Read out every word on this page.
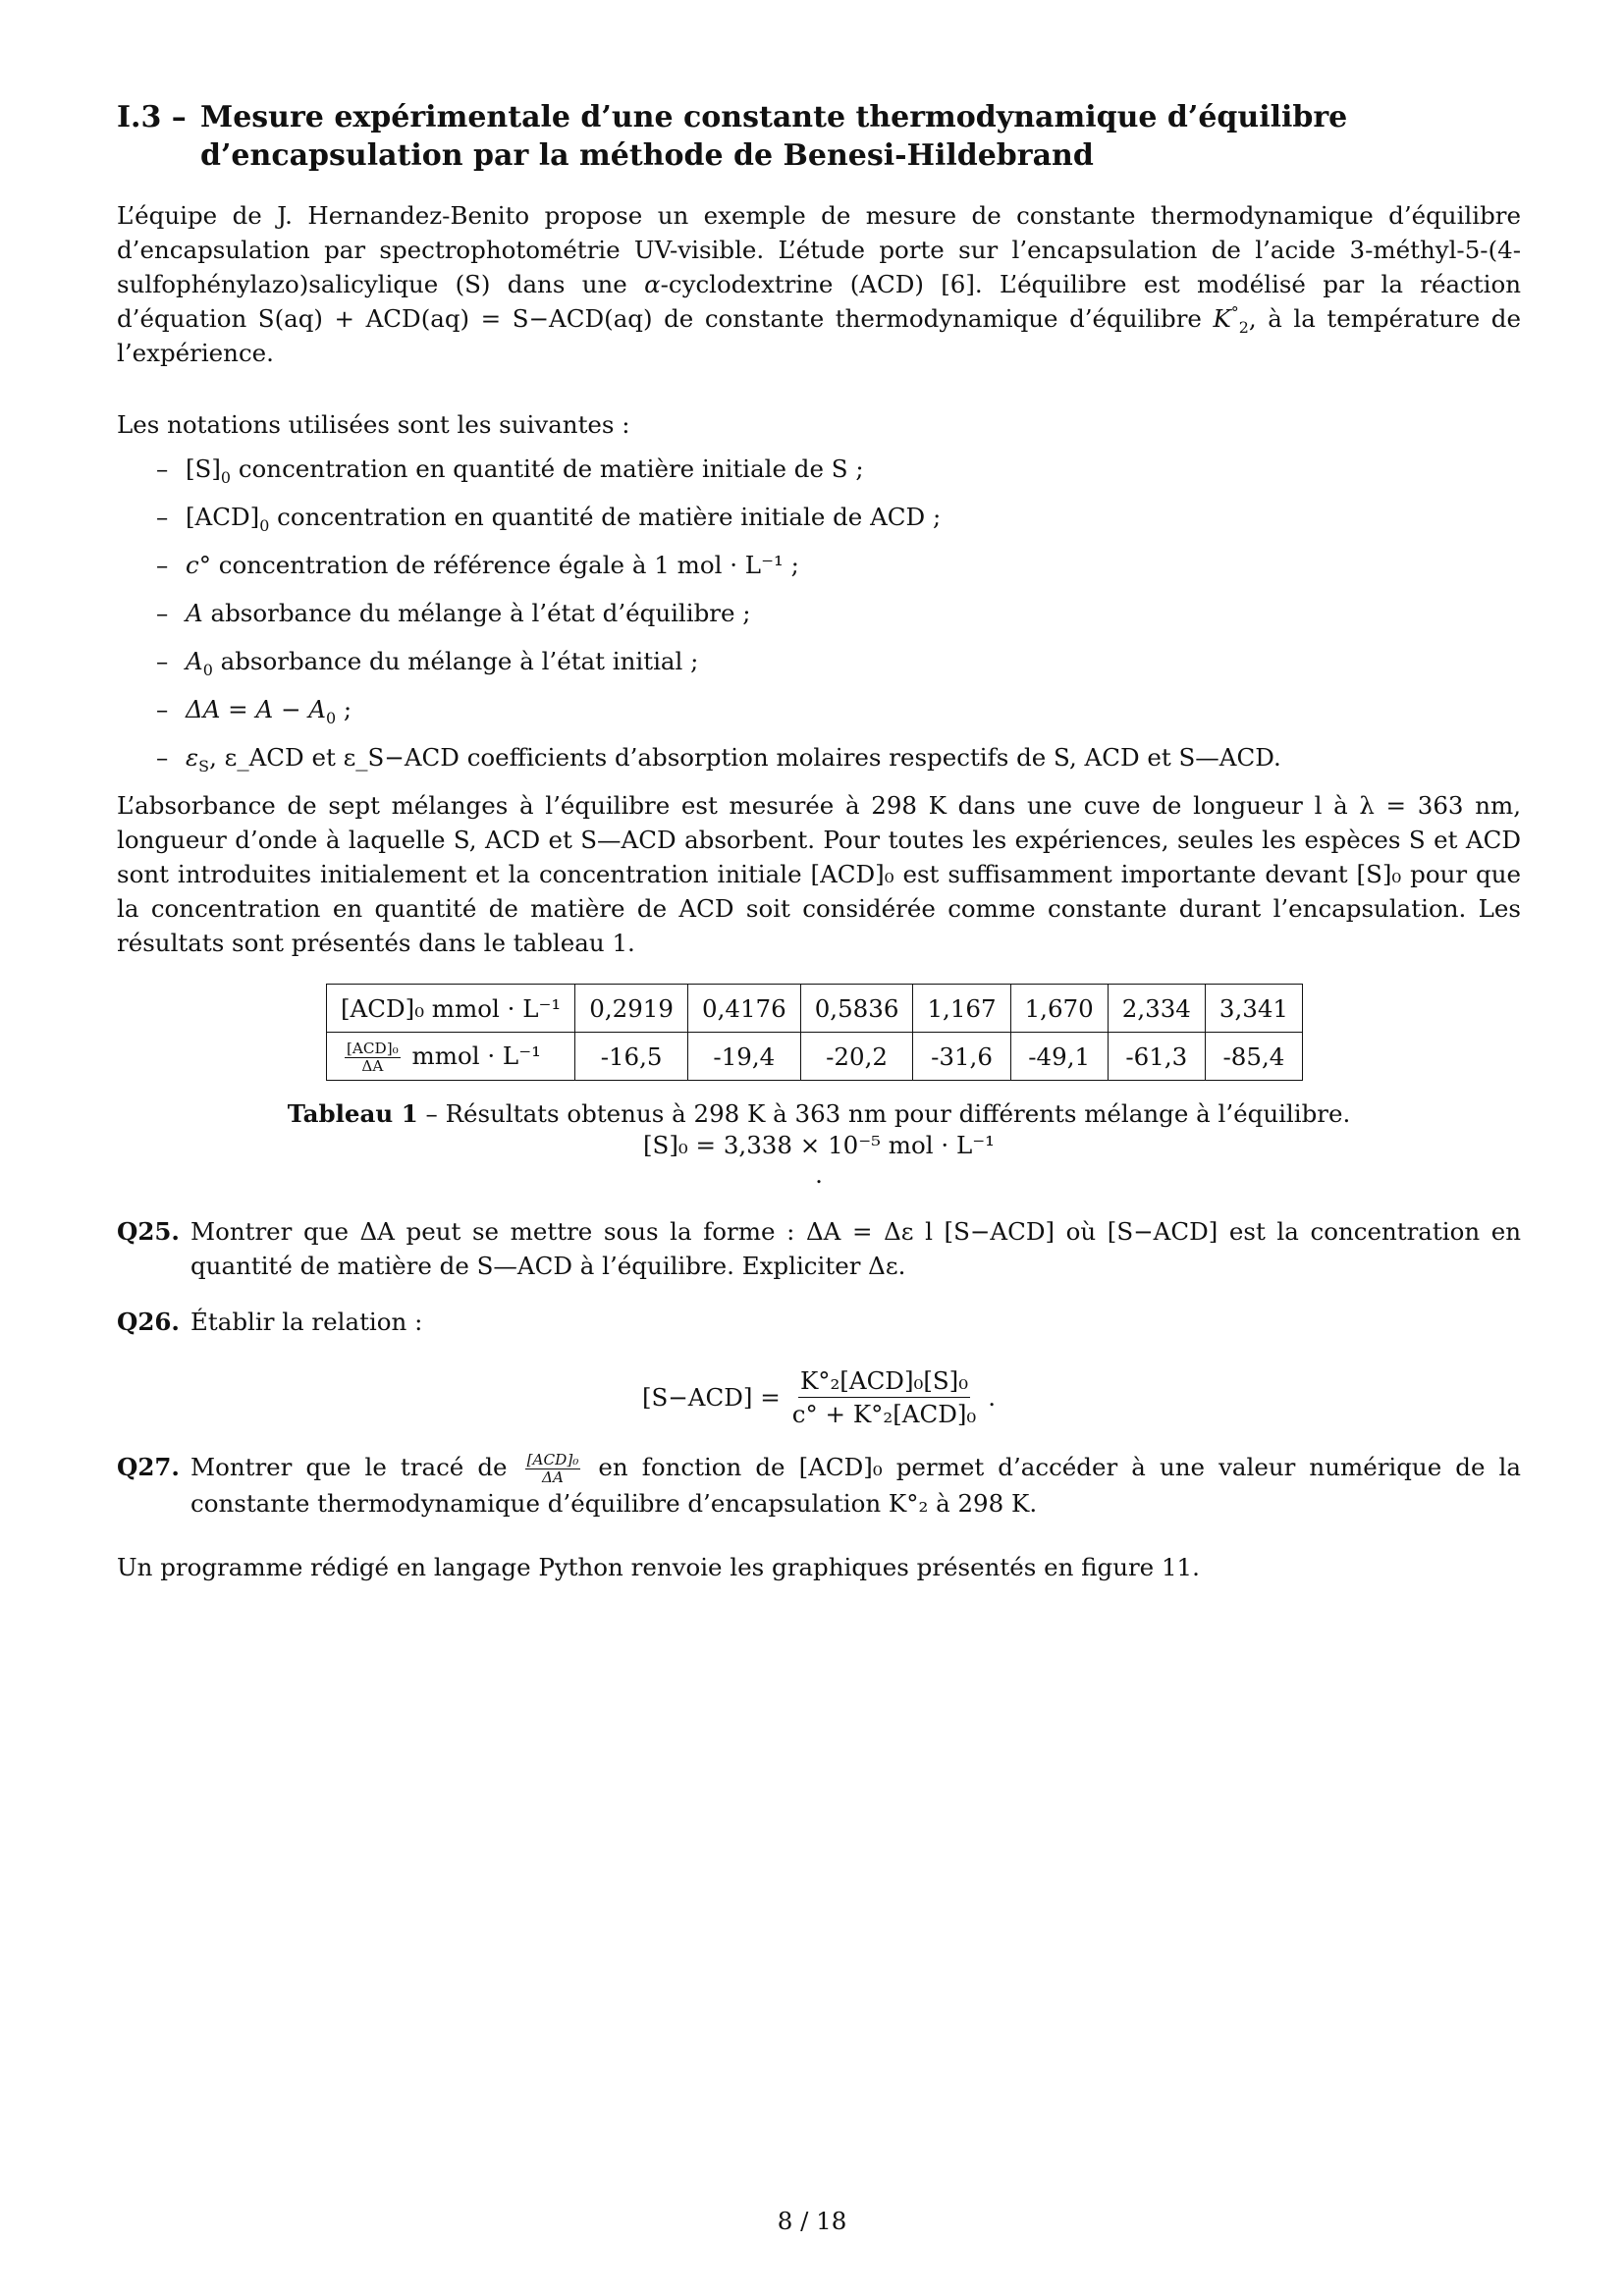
I.3 – Mesure expérimentale d’une constante thermodynamique d’équilibre d’encapsulation par la méthode de Benesi-Hildebrand

L’équipe de J. Hernandez-Benito propose un exemple de mesure de constante thermodynamique d’équilibre d’encapsulation par spectrophotométrie UV-visible. L’étude porte sur l’encapsulation de l’acide 3-méthyl-5-(4-sulfophénylazo)salicylique (S) dans une α-cyclodextrine (ACD) [6]. L’équilibre est modélisé par la réaction d’équation S(aq) + ACD(aq) = S−ACD(aq) de constante thermodynamique d’équilibre $K^\circ_2$, à la température de l’expérience.

Les notations utilisées sont les suivantes :

– $[S]_0$ concentration en quantité de matière initiale de S ;
– $[ACD]_0$ concentration en quantité de matière initiale de ACD ;
– c° concentration de référence égale à 1 mol · L⁻¹ ;
– A absorbance du mélange à l’état d’équilibre ;
– $A_0$ absorbance du mélange à l’état initial ;
– $\Delta A = A - A_0$ ;
– $\varepsilon_S$, ε_ACD et ε_S−ACD coefficients d’absorption molaires respectifs de S, ACD et S—ACD.

L’absorbance de sept mélanges à l’équilibre est mesurée à 298 K dans une cuve de longueur l à λ = 363 nm, longueur d’onde à laquelle S, ACD et S—ACD absorbent. Pour toutes les expériences, seules les espèces S et ACD sont introduites initialement et la concentration initiale [ACD]₀ est suffisamment importante devant [S]₀ pour que la concentration en quantité de matière de ACD soit considérée comme constante durant l’encapsulation. Les résultats sont présentés dans le tableau 1.

[ACD]₀ mmol · L⁻¹	0,2919	0,4176	0,5836	1,167	1,670	2,334	3,341

$\frac{\text{[ACD]₀}}{\Delta A}$ mmol · L⁻¹	-16,5	-19,4	-20,2	-31,6	-49,1	-61,3	-85,4
Tableau 1 – Résultats obtenus à 298 K à 363 nm pour différents mélange à l’équilibre.
[S]₀ = 3,338 × 10⁻⁵ mol · L⁻¹
.
Q25. Montrer que ΔA peut se mettre sous la forme : ΔA = Δε l [S−ACD] où [S−ACD] est la concentration en quantité de matière de S—ACD à l’équilibre. Expliciter Δε.
Q26. Établir la relation :
$[S-ACD] = \frac{\text{K°₂[ACD]₀[S]₀}}{\text{c° + K°₂[ACD]₀}}$ .
Q27. Montrer que le tracé de $\frac{\text{[ACD]₀}}{\Delta A}$ en fonction de [ACD]₀ permet d’accéder à une valeur numérique de la constante thermodynamique d’équilibre d’encapsulation K°₂ à 298 K.

Un programme rédigé en langage Python renvoie les graphiques présentés en figure 11.

8 / 18
